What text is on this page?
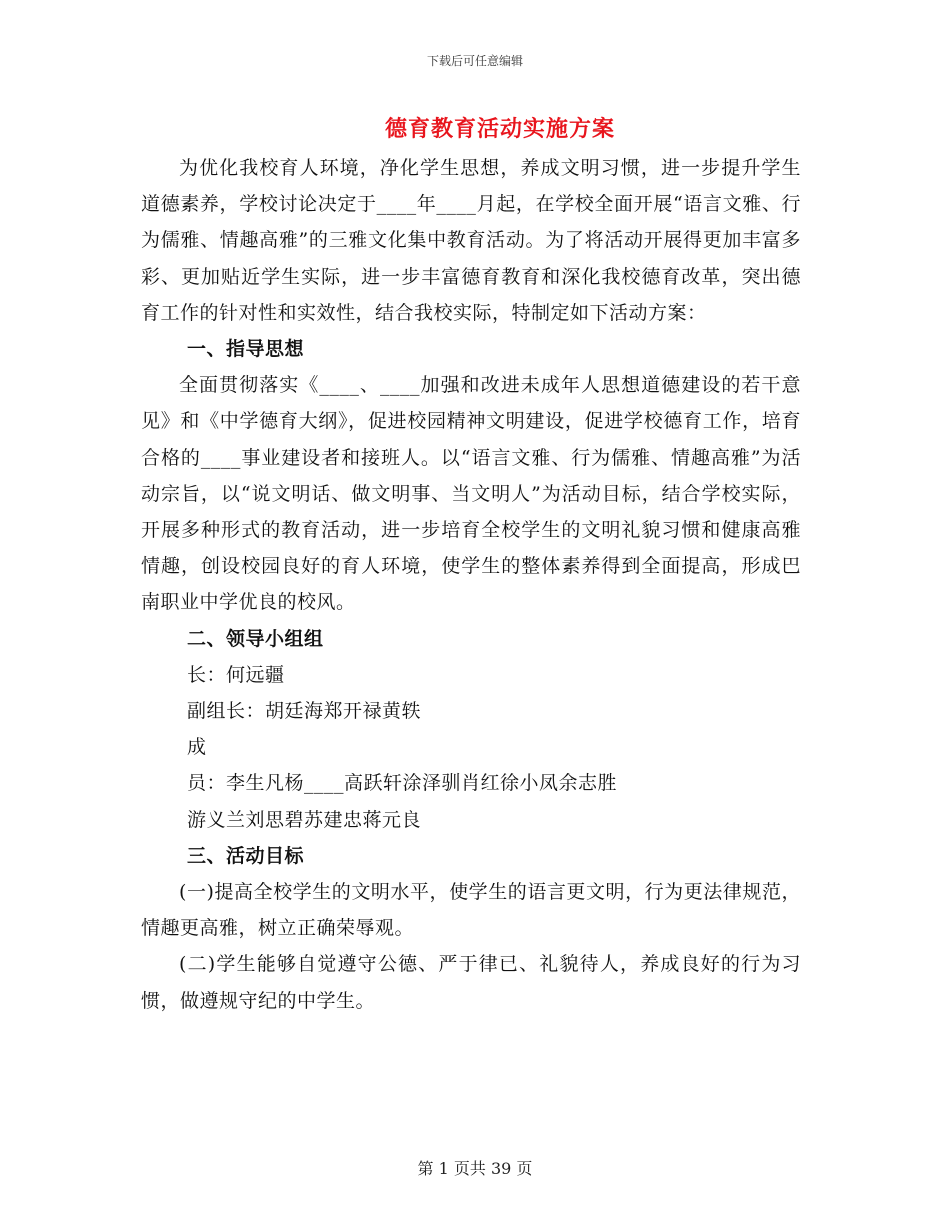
下载后可任意编辑
德育教育活动实施方案

为优化我校育人环境，净化学生思想，养成文明习惯，进一步提升学生道德素养，学校讨论决定于____年____月起，在学校全面开展“语言文雅、行为儒雅、情趣高雅”的三雅文化集中教育活动。为了将活动开展得更加丰富多彩、更加贴近学生实际，进一步丰富德育教育和深化我校德育改革，突出德育工作的针对性和实效性，结合我校实际，特制定如下活动方案：

一、指导思想

全面贯彻落实《____、____加强和改进未成年人思想道德建设的若干意见》和《中学德育大纲》，促进校园精神文明建设，促进学校德育工作，培育合格的____事业建设者和接班人。以“语言文雅、行为儒雅、情趣高雅”为活动宗旨，以“说文明话、做文明事、当文明人”为活动目标，结合学校实际，开展多种形式的教育活动，进一步培育全校学生的文明礼貌习惯和健康高雅情趣，创设校园良好的育人环境，使学生的整体素养得到全面提高，形成巴南职业中学优良的校风。

二、领导小组组

长：何远疆

副组长：胡廷海郑开禄黄轶

成

员：李生凡杨____高跃轩涂泽驯肖红徐小凤余志胜

游义兰刘思碧苏建忠蒋元良

三、活动目标

(一)提高全校学生的文明水平，使学生的语言更文明，行为更法律规范，情趣更高雅，树立正确荣辱观。

(二)学生能够自觉遵守公德、严于律已、礼貌待人，养成良好的行为习惯，做遵规守纪的中学生。

第 1 页共 39 页
